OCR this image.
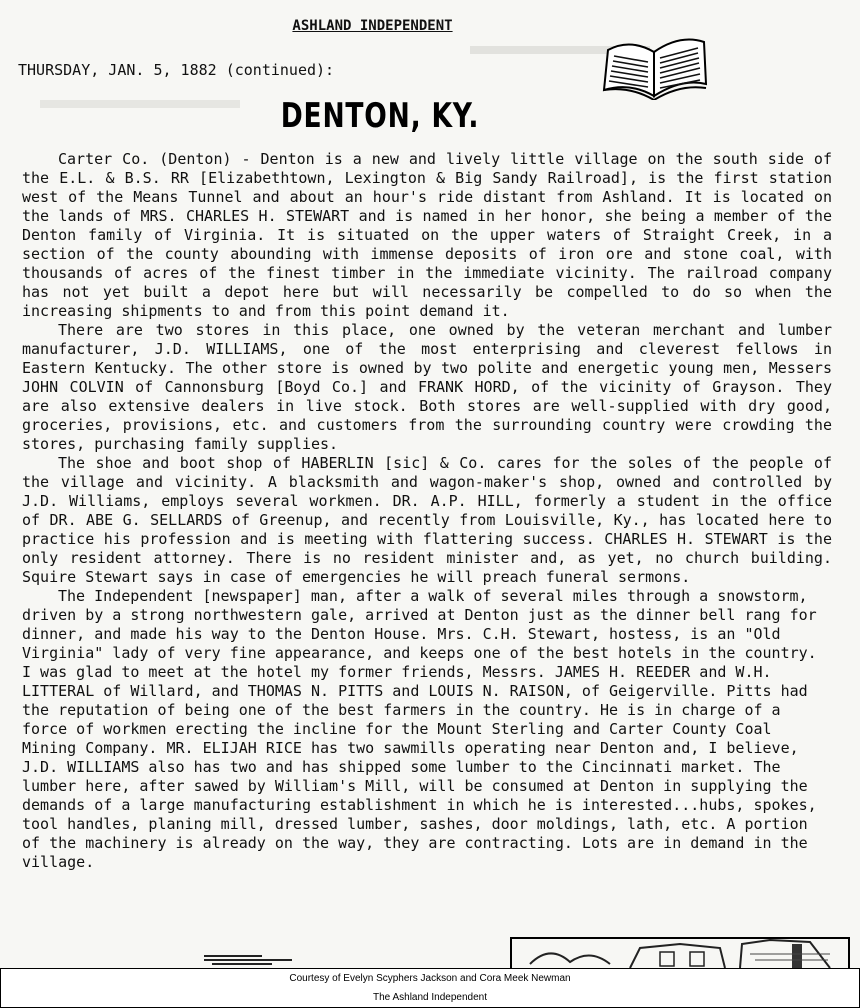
ASHLAND INDEPENDENT
THURSDAY, JAN. 5, 1882 (continued):
DENTON, KY.

Carter Co. (Denton) - Denton is a new and lively little village on the south side of the E.L. & B.S. RR [Elizabethtown, Lexington & Big Sandy Railroad], is the first station west of the Means Tunnel and about an hour's ride distant from Ashland. It is located on the lands of MRS. CHARLES H. STEWART and is named in her honor, she being a member of the Denton family of Virginia. It is situated on the upper waters of Straight Creek, in a section of the county abounding with immense deposits of iron ore and stone coal, with thousands of acres of the finest timber in the immediate vicinity. The railroad company has not yet built a depot here but will necessarily be compelled to do so when the increasing shipments to and from this point demand it.

There are two stores in this place, one owned by the veteran merchant and lumber manufacturer, J.D. WILLIAMS, one of the most enterprising and cleverest fellows in Eastern Kentucky. The other store is owned by two polite and energetic young men, Messers JOHN COLVIN of Cannonsburg [Boyd Co.] and FRANK HORD, of the vicinity of Grayson. They are also extensive dealers in live stock. Both stores are well-supplied with dry good, groceries, provisions, etc. and customers from the surrounding country were crowding the stores, purchasing family supplies.

The shoe and boot shop of HABERLIN [sic] & Co. cares for the soles of the people of the village and vicinity. A blacksmith and wagon-maker's shop, owned and controlled by J.D. Williams, employs several workmen. DR. A.P. HILL, formerly a student in the office of DR. ABE G. SELLARDS of Greenup, and recently from Louisville, Ky., has located here to practice his profession and is meeting with flattering success. CHARLES H. STEWART is the only resident attorney. There is no resident minister and, as yet, no church building. Squire Stewart says in case of emergencies he will preach funeral sermons.

The Independent [newspaper] man, after a walk of several miles through a snowstorm, driven by a strong northwestern gale, arrived at Denton just as the dinner bell rang for dinner, and made his way to the Denton House. Mrs. C.H. Stewart, hostess, is an "Old Virginia" lady of very fine appearance, and keeps one of the best hotels in the country. I was glad to meet at the hotel my former friends, Messrs. JAMES H. REEDER and W.H. LITTERAL of Willard, and THOMAS N. PITTS and LOUIS N. RAISON, of Geigerville. Pitts had the reputation of being one of the best farmers in the country. He is in charge of a force of workmen erecting the incline for the Mount Sterling and Carter County Coal Mining Company. MR. ELIJAH RICE has two sawmills operating near Denton and, I believe, J.D. WILLIAMS also has two and has shipped some lumber to the Cincinnati market. The lumber here, after sawed by William's Mill, will be consumed at Denton in supplying the demands of a large manufacturing establishment in which he is interested...hubs, spokes, tool handles, planing mill, dressed lumber, sashes, door moldings, lath, etc. A portion of the machinery is already on the way, they are contracting. Lots are in demand in the village.

Courtesy of Evelyn Scyphers Jackson and Cora Meek Newman
The Ashland Independent
